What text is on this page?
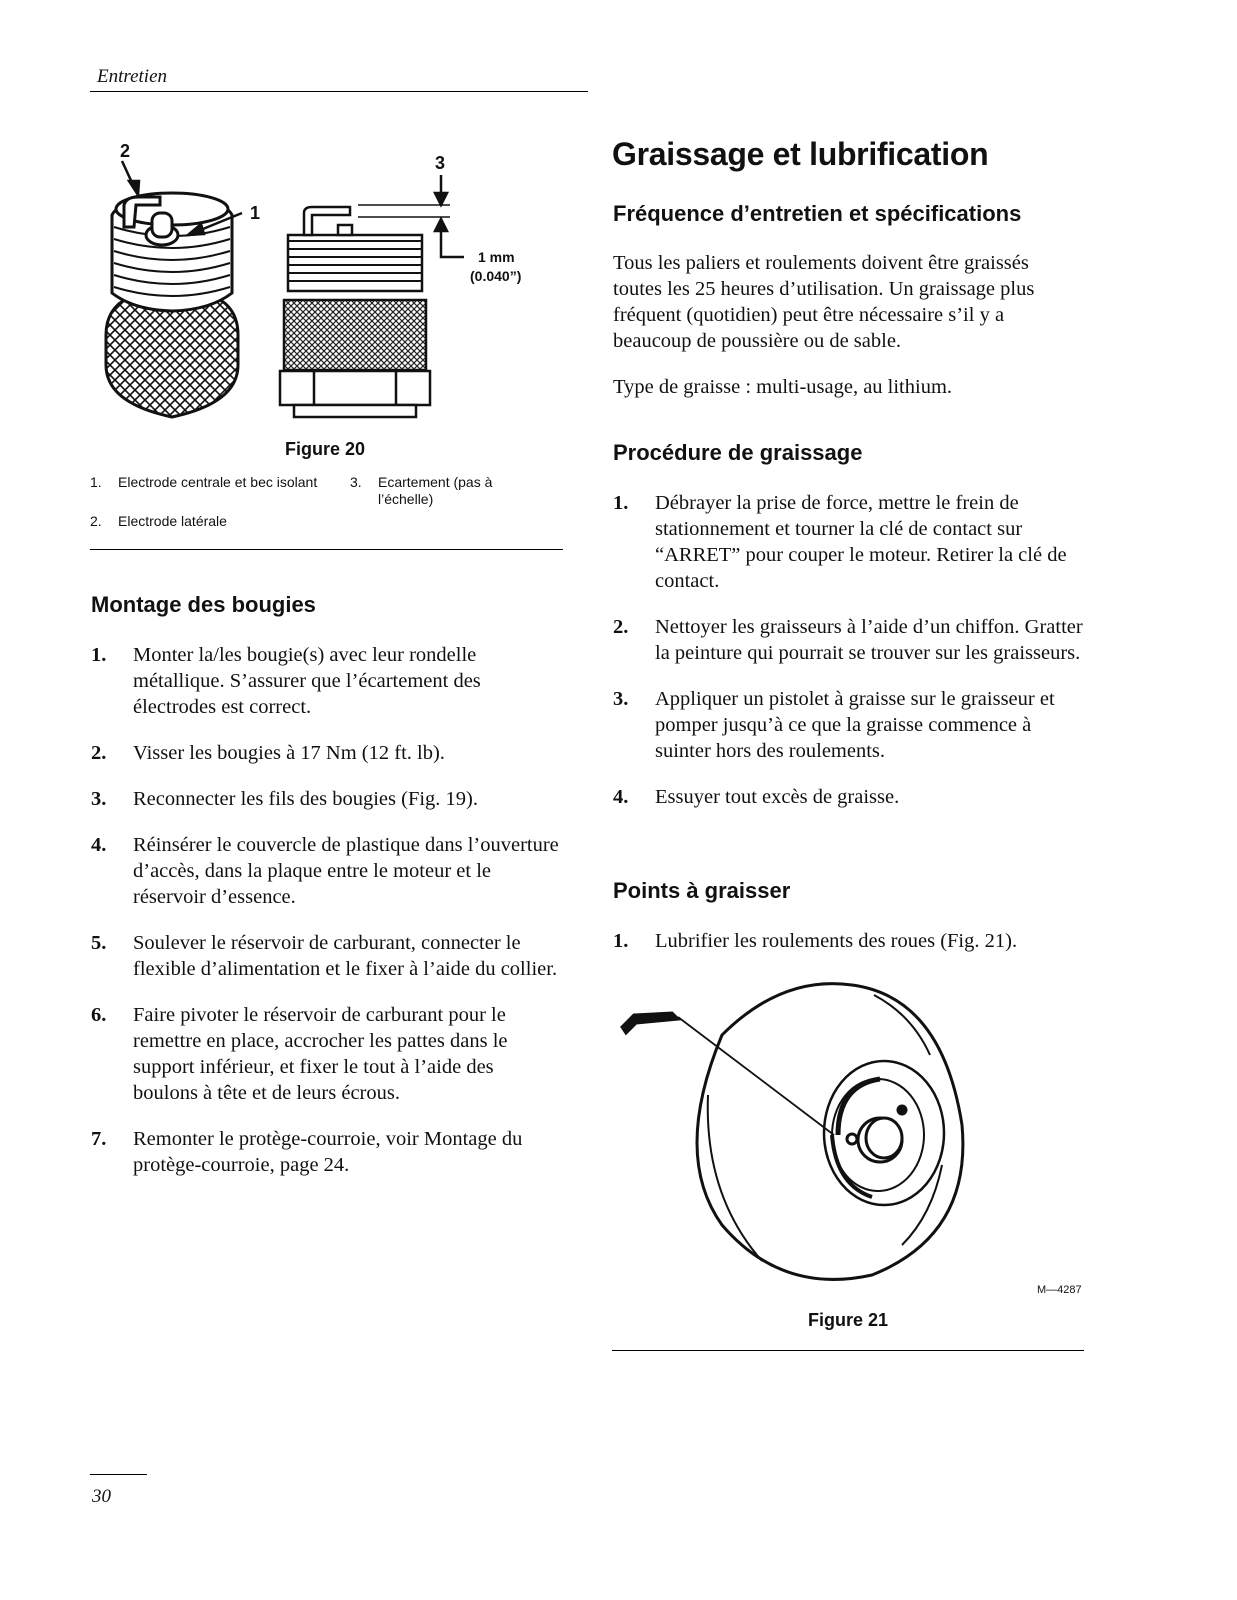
Entretien
2
1
3
1 mm
(0.040”)
Figure 20
1. Electrode centrale et bec isolant
2. Electrode latérale
3. Ecartement (pas à l’échelle)
Montage des bougies
1. Monter la/les bougie(s) avec leur rondelle métallique. S’assurer que l’écartement des électrodes est correct.
2. Visser les bougies à 17 Nm (12 ft. lb).
3. Reconnecter les fils des bougies (Fig. 19).
4. Réinsérer le couvercle de plastique dans l’ouverture d’accès, dans la plaque entre le moteur et le réservoir d’essence.
5. Soulever le réservoir de carburant, connecter le flexible d’alimentation et le fixer à l’aide du collier.
6. Faire pivoter le réservoir de carburant pour le remettre en place, accrocher les pattes dans le support inférieur, et fixer le tout à l’aide des boulons à tête et de leurs écrous.
7. Remonter le protège-courroie, voir Montage du protège-courroie, page 24.
Graissage et lubrification
Fréquence d’entretien et spécifications

Tous les paliers et roulements doivent être graissés toutes les 25 heures d’utilisation. Un graissage plus fréquent (quotidien) peut être nécessaire s’il y a beaucoup de poussière ou de sable.

Type de graisse : multi-usage, au lithium.

Procédure de graissage
1. Débrayer la prise de force, mettre le frein de stationnement et tourner la clé de contact sur “ARRET” pour couper le moteur. Retirer la clé de contact.
2. Nettoyer les graisseurs à l’aide d’un chiffon. Gratter la peinture qui pourrait se trouver sur les graisseurs.
3. Appliquer un pistolet à graisse sur le graisseur et pomper jusqu’à ce que la graisse commence à suinter hors des roulements.
4. Essuyer tout excès de graisse.
Points à graisser
1. Lubrifier les roulements des roues (Fig. 21).
M—4287
Figure 21
30
